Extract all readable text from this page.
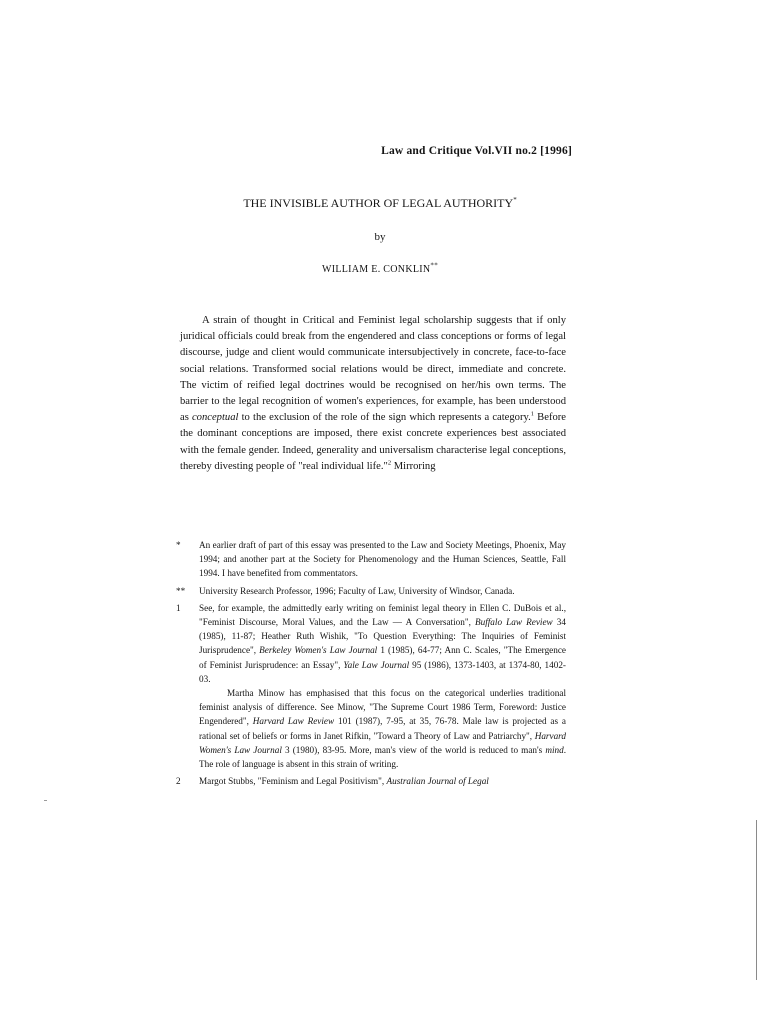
Law and Critique Vol.VII no.2 [1996]
THE INVISIBLE AUTHOR OF LEGAL AUTHORITY*
by
WILLIAM E. CONKLIN**

A strain of thought in Critical and Feminist legal scholarship suggests that if only juridical officials could break from the engendered and class conceptions or forms of legal discourse, judge and client would communicate intersubjectively in concrete, face-to-face social relations. Transformed social relations would be direct, immediate and concrete. The victim of reified legal doctrines would be recognised on her/his own terms. The barrier to the legal recognition of women's experiences, for example, has been understood as conceptual to the exclusion of the role of the sign which represents a category.$^1$ Before the dominant conceptions are imposed, there exist concrete experiences best associated with the female gender. Indeed, generality and universalism characterise legal conceptions, thereby divesting people of "real individual life."$^2$ Mirroring

*	An earlier draft of part of this essay was presented to the Law and Society Meetings, Phoenix, May 1994; and another part at the Society for Phenomenology and the Human Sciences, Seattle, Fall 1994. I have benefited from commentators.

**	University Research Professor, 1996; Faculty of Law, University of Windsor, Canada.

1	See, for example, the admittedly early writing on feminist legal theory in Ellen C. DuBois et al., "Feminist Discourse, Moral Values, and the Law — A Conversation", Buffalo Law Review 34 (1985), 11-87; Heather Ruth Wishik, "To Question Everything: The Inquiries of Feminist Jurisprudence", Berkeley Women's Law Journal 1 (1985), 64-77; Ann C. Scales, "The Emergence of Feminist Jurisprudence: an Essay", Yale Law Journal 95 (1986), 1373-1403, at 1374-80, 1402-03.

Martha Minow has emphasised that this focus on the categorical underlies traditional feminist analysis of difference. See Minow, "The Supreme Court 1986 Term, Foreword: Justice Engendered", Harvard Law Review 101 (1987), 7-95, at 35, 76-78. Male law is projected as a rational set of beliefs or forms in Janet Rifkin, "Toward a Theory of Law and Patriarchy", Harvard Women's Law Journal 3 (1980), 83-95. More, man's view of the world is reduced to man's mind. The role of language is absent in this strain of writing.

2	Margot Stubbs, "Feminism and Legal Positivism", Australian Journal of Legal
